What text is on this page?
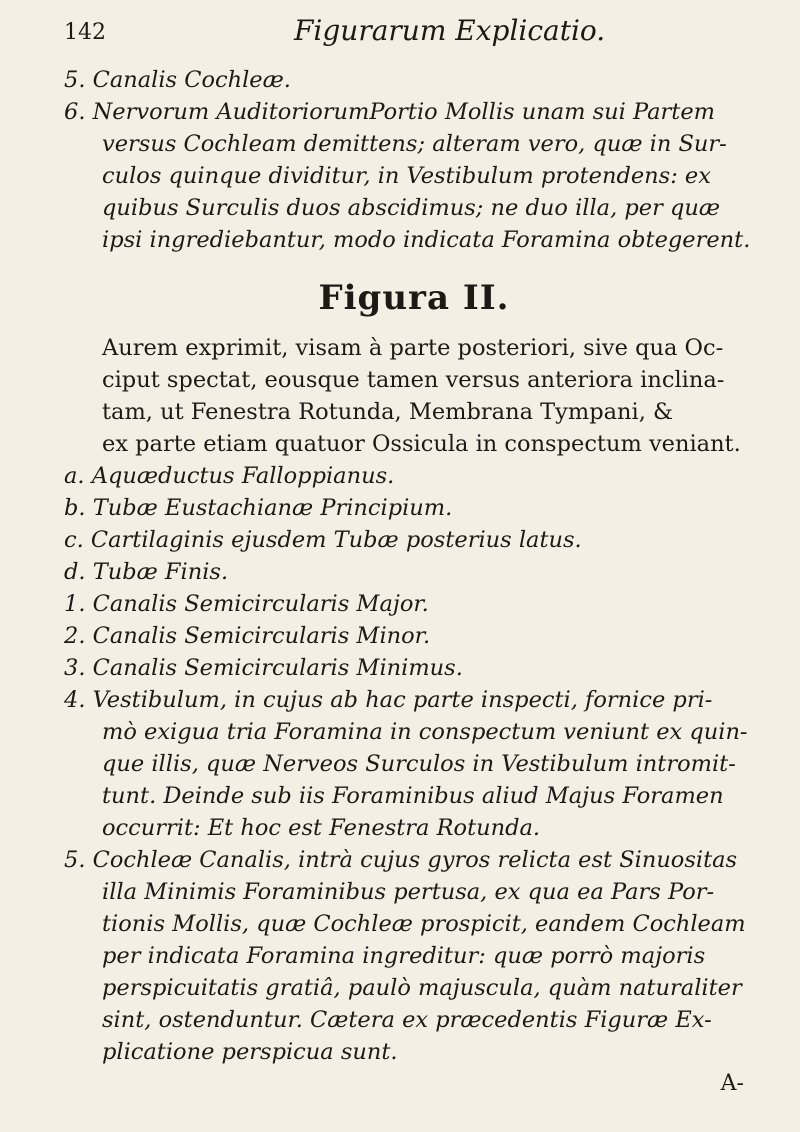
142	Figurarum Explicatio.
5. Canalis Cochleæ.
6. Nervorum AuditoriorumPortio Mollis unam sui Partem
versus Cochleam demittens; alteram vero, quæ in Sur-
culos quinque dividitur, in Vestibulum protendens: ex
quibus Surculis duos abscidimus; ne duo illa, per quæ
ipsi ingrediebantur, modo indicata Foramina obtegerent.
Figura II.
Aurem exprimit, visam à parte posteriori, sive qua Oc-
ciput spectat, eousque tamen versus anteriora inclina-
tam, ut Fenestra Rotunda, Membrana Tympani, &
ex parte etiam quatuor Ossicula in conspectum veniant.
a. Aquæductus Falloppianus.
b. Tubæ Eustachianæ Principium.
c. Cartilaginis ejusdem Tubæ posterius latus.
d. Tubæ Finis.
1. Canalis Semicircularis Major.
2. Canalis Semicircularis Minor.
3. Canalis Semicircularis Minimus.
4. Vestibulum, in cujus ab hac parte inspecti, fornice pri-
mò exigua tria Foramina in conspectum veniunt ex quin-
que illis, quæ Nerveos Surculos in Vestibulum intromit-
tunt. Deinde sub iis Foraminibus aliud Majus Foramen
occurrit: Et hoc est Fenestra Rotunda.
5. Cochleæ Canalis, intrà cujus gyros relicta est Sinuositas
illa Minimis Foraminibus pertusa, ex qua ea Pars Por-
tionis Mollis, quæ Cochleæ prospicit, eandem Cochleam
per indicata Foramina ingreditur: quæ porrò majoris
perspicuitatis gratiâ, paulò majuscula, quàm naturaliter
sint, ostenduntur. Cætera ex præcedentis Figuræ Ex-
plicatione perspicua sunt.
A-
